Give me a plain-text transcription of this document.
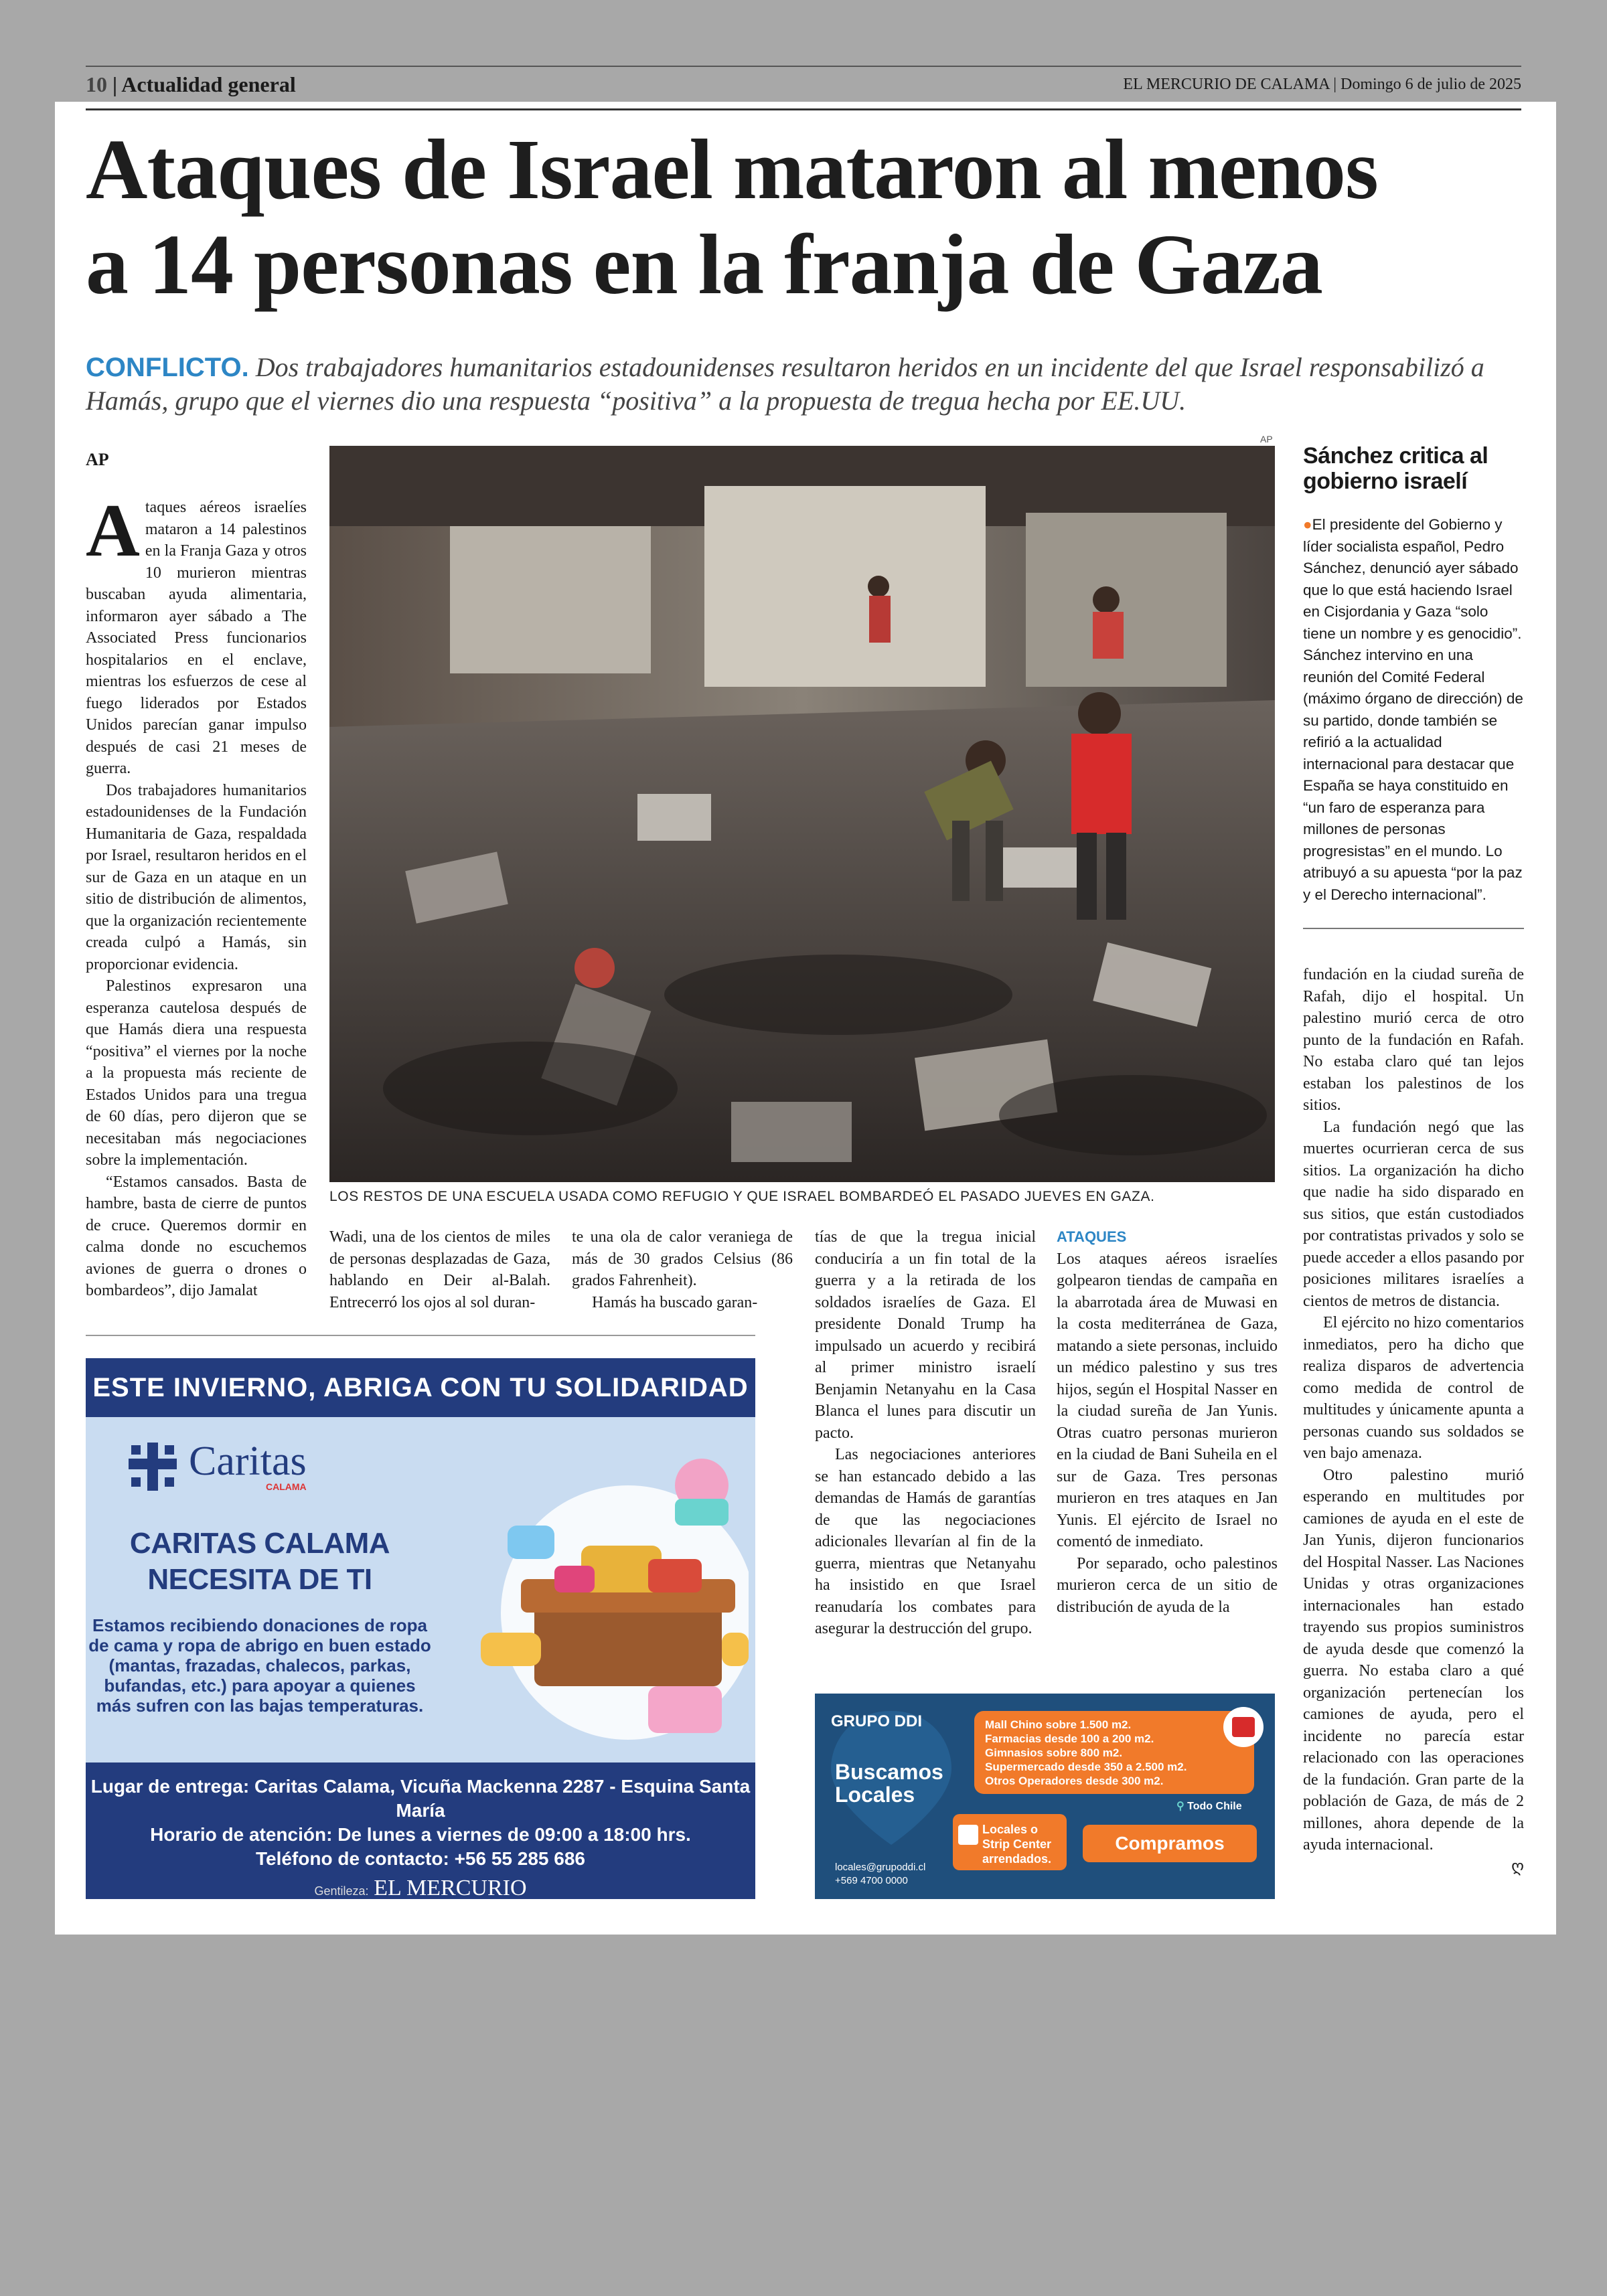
10 | Actualidad general	EL MERCURIO DE CALAMA | Domingo 6 de julio de 2025
Ataques de Israel mataron al menos
a 14 personas en la franja de Gaza
CONFLICTO. Dos trabajadores humanitarios estadounidenses resultaron heridos en un incidente del que Israel responsabilizó a Hamás, grupo que el viernes dio una respuesta “positiva” a la propuesta de tregua hecha por EE.UU.
AP

Ataques aéreos israelíes mataron a 14 palestinos en la Franja Gaza y otros 10 murieron mientras buscaban ayuda alimentaria, informaron ayer sábado a The Associated Press funcionarios hospitalarios en el enclave, mientras los esfuerzos de cese al fuego liderados por Estados Unidos parecían ganar impulso después de casi 21 meses de guerra.

Dos trabajadores humanitarios estadounidenses de la Fundación Humanitaria de Gaza, respaldada por Israel, resultaron heridos en el sur de Gaza en un ataque en un sitio de distribución de alimentos, que la organización recientemente creada culpó a Hamás, sin proporcionar evidencia.

Palestinos expresaron una esperanza cautelosa después de que Hamás diera una respuesta “positiva” el viernes por la noche a la propuesta más reciente de Estados Unidos para una tregua de 60 días, pero dijeron que se necesitaban más negociaciones sobre la implementación.

“Estamos cansados. Basta de hambre, basta de cierre de puntos de cruce. Queremos dormir en calma donde no escuchemos aviones de guerra o drones o bombardeos”, dijo Jamalat

AP
LOS RESTOS DE UNA ESCUELA USADA COMO REFUGIO Y QUE ISRAEL BOMBARDEÓ EL PASADO JUEVES EN GAZA.
Sánchez critica al gobierno israelí

●El presidente del Gobierno y líder socialista español, Pedro Sánchez, denunció ayer sábado que lo que está haciendo Israel en Cisjordania y Gaza “solo tiene un nombre y es genocidio”. Sánchez intervino en una reunión del Comité Federal (máximo órgano de dirección) de su partido, donde también se refirió a la actualidad internacional para destacar que España se haya constituido en “un faro de esperanza para millones de personas progresistas” en el mundo. Lo atribuyó a su apuesta “por la paz y el Derecho internacional”.

fundación en la ciudad sureña de Rafah, dijo el hospital. Un palestino murió cerca de otro punto de la fundación en Rafah. No estaba claro qué tan lejos estaban los palestinos de los sitios.

La fundación negó que las muertes ocurrieran cerca de sus sitios. La organización ha dicho que nadie ha sido disparado en sus sitios, que están custodiados por contratistas privados y solo se puede acceder a ellos pasando por posiciones militares israelíes a cientos de metros de distancia.

El ejército no hizo comentarios inmediatos, pero ha dicho que realiza disparos de advertencia como medida de control de multitudes y únicamente apunta a personas cuando sus soldados se ven bajo amenaza.

Otro palestino murió esperando en multitudes por camiones de ayuda en el este de Jan Yunis, dijeron funcionarios del Hospital Nasser. Las Naciones Unidas y otras organizaciones internacionales han estado trayendo sus propios suministros de ayuda desde que comenzó la guerra. No estaba claro a qué organización pertenecían los camiones de ayuda, pero el incidente no parecía estar relacionado con las operaciones de la fundación. Gran parte de la población de Gaza, de más de 2 millones, ahora depende de la ayuda internacional.

ღ

Wadi, una de los cientos de miles de personas desplazadas de Gaza, hablando en Deir al-Balah. Entrecerró los ojos al sol duran-

te una ola de calor veraniega de más de 30 grados Celsius (86 grados Fahrenheit).

Hamás ha buscado garan-

tías de que la tregua inicial conduciría a un fin total de la guerra y a la retirada de los soldados israelíes de Gaza. El presidente Donald Trump ha impulsado un acuerdo y recibirá al primer ministro israelí Benjamin Netanyahu en la Casa Blanca el lunes para discutir un pacto.

Las negociaciones anteriores se han estancado debido a las demandas de Hamás de garantías de que las negociaciones adicionales llevarían al fin de la guerra, mientras que Netanyahu ha insistido en que Israel reanudaría los combates para asegurar la destrucción del grupo.

ATAQUES

Los ataques aéreos israelíes golpearon tiendas de campaña en la abarrotada área de Muwasi en la costa mediterránea de Gaza, matando a siete personas, incluido un médico palestino y sus tres hijos, según el Hospital Nasser en la ciudad sureña de Jan Yunis. Otras cuatro personas murieron en la ciudad de Bani Suheila en el sur de Gaza. Tres personas murieron en tres ataques en Jan Yunis. El ejército de Israel no comentó de inmediato.

Por separado, ocho palestinos murieron cerca de un sitio de distribución de ayuda de la

ESTE INVIERNO, ABRIGA CON TU SOLIDARIDAD
Caritas
CALAMA
CARITAS CALAMA
NECESITA DE TI
Estamos recibiendo donaciones de ropa de cama y ropa de abrigo en buen estado (mantas, frazadas, chalecos, parkas, bufandas, etc.) para apoyar a quienes más sufren con las bajas temperaturas.
Lugar de entrega: Caritas Calama, Vicuña Mackenna 2287 - Esquina Santa María
Horario de atención: De lunes a viernes de 09:00 a 18:00 hrs.
Teléfono de contacto: +56 55 285 686
Gentileza: EL MERCURIO
GRUPO DDI
Buscamos
Locales
Mall Chino sobre 1.500 m2.
Farmacias desde 100 a 200 m2.
Gimnasios sobre 800 m2.
Supermercado desde 350 a 2.500 m2.
Otros Operadores desde 300 m2.
⚲ Todo Chile
Locales o
Strip Center
arrendados.
Compramos
locales@grupoddi.cl
+569 4700 0000
